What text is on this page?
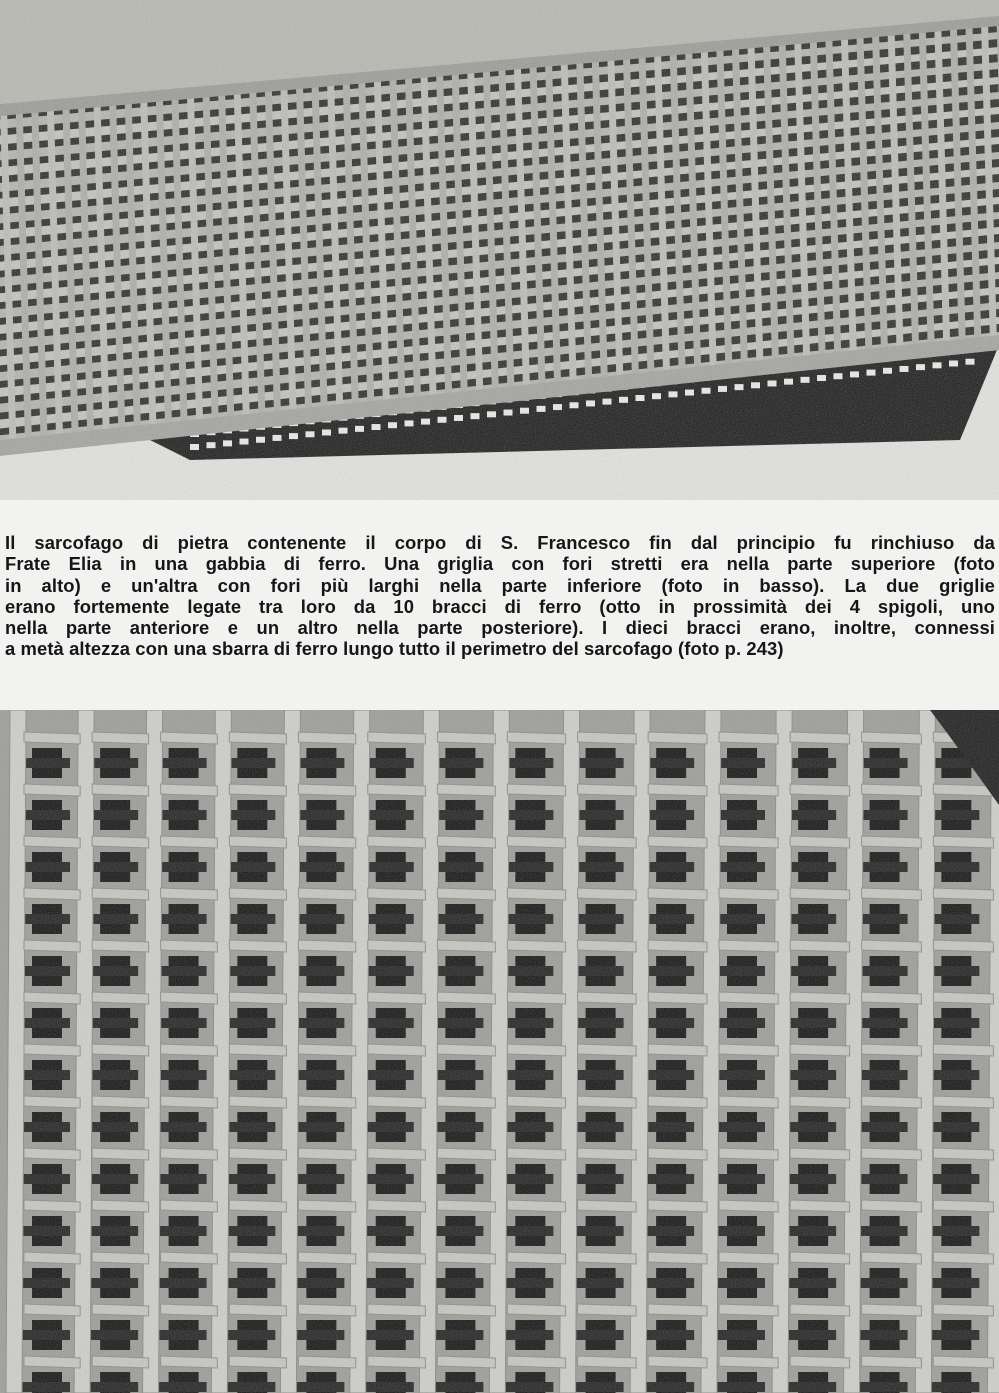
Il sarcofago di pietra contenente il corpo di S. Francesco fin dal principio fu rinchiuso da
Frate Elia in una gabbia di ferro. Una griglia con fori stretti era nella parte superiore (foto
in alto) e un'altra con fori più larghi nella parte inferiore (foto in basso). La due griglie
erano fortemente legate tra loro da 10 bracci di ferro (otto in prossimità dei 4 spigoli, uno
nella parte anteriore e un altro nella parte posteriore). I dieci bracci erano, inoltre, connessi
a metà altezza con una sbarra di ferro lungo tutto il perimetro del sarcofago (foto p. 243)
